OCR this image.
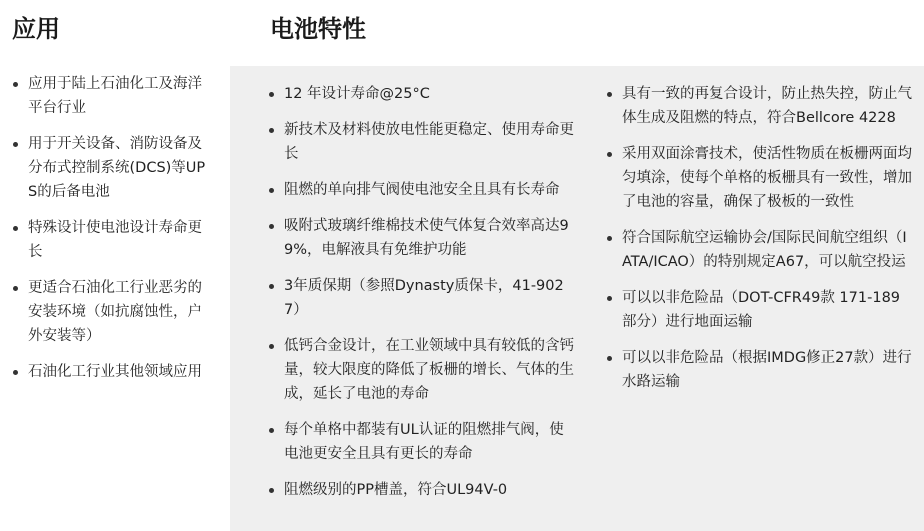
应用	电池特性
应用于陆上石油化工及海洋平台行业
用于开关设备、消防设备及分布式控制系统(DCS)等UPS的后备电池
特殊设计使电池设计寿命更长
更适合石油化工行业恶劣的安装环境（如抗腐蚀性，户外安装等）
石油化工行业其他领域应用
12 年设计寿命@25°C
新技术及材料使放电性能更稳定、使用寿命更长
阻燃的单向排气阀使电池安全且具有长寿命
吸附式玻璃纤维棉技术使气体复合效率高达99%，电解液具有免维护功能
3年质保期（参照Dynasty质保卡，41-9027）
低钙合金设计，在工业领域中具有较低的含钙量，较大限度的降低了板栅的增长、气体的生成，延长了电池的寿命
每个单格中都装有UL认证的阻燃排气阀，使电池更安全且具有更长的寿命
阻燃级别的PP槽盖，符合UL94V-0
具有一致的再复合设计，防止热失控，防止气体生成及阻燃的特点，符合Bellcore 4228
采用双面涂膏技术，使活性物质在板栅两面均匀填涂，使每个单格的板栅具有一致性，增加了电池的容量，确保了极板的一致性
符合国际航空运输协会/国际民间航空组织（IATA/ICAO）的特别规定A67，可以航空投运
可以以非危险品（DOT-CFR49款 171-189部分）进行地面运输
可以以非危险品（根据IMDG修正27款）进行水路运输
